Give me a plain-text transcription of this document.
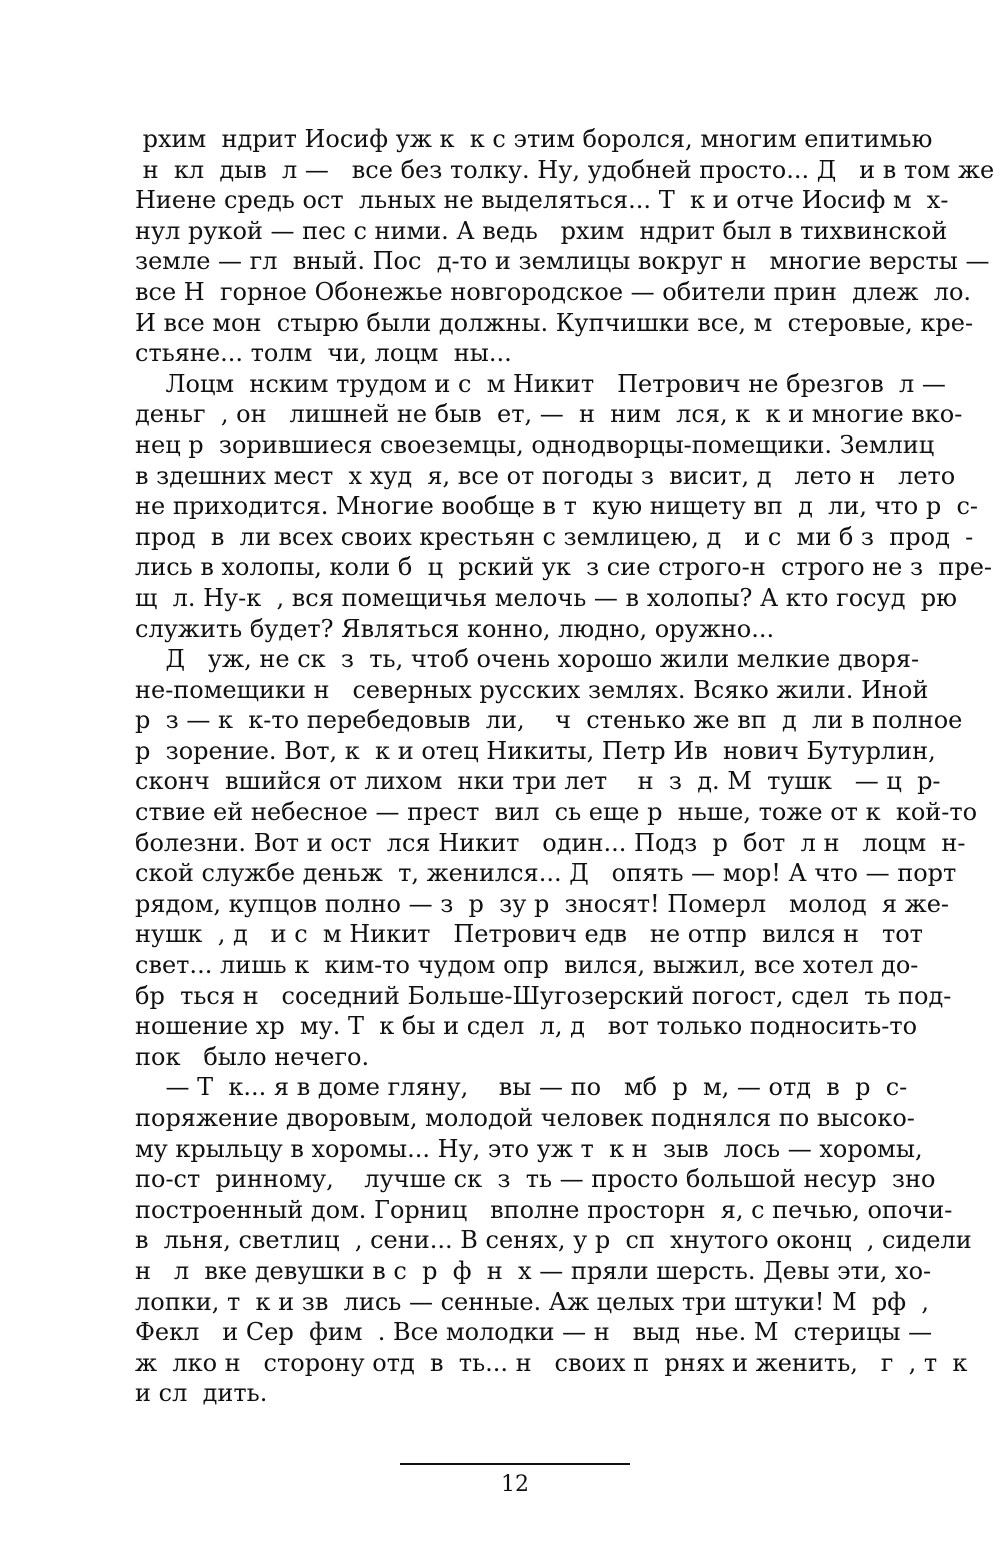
рхим  ндрит Иосиф уж к  к с этим боролся, многим епитимью
н  кл  дыв  л —   все без толку. Ну, удобней просто... Д   и в том же
Ниене средь ост  льных не выделяться... Т  к и отче Иосиф м  х-
нул рукой — пес с ними. А ведь   рхим  ндрит был в тихвинской
земле — гл  вный. Пос  д-то и землицы вокруг н   многие версты —
все Н  горное Обонежье новгородское — обители прин  длеж  ло.
И все мон  стырю были должны. Купчишки все, м  стеровые, кре-
стьяне... толм  чи, лоцм  ны...
Лоцм  нским трудом и с  м Никит   Петрович не брезгов  л —
деньг  , он   лишней не быв  ет, —  н  ним  лся, к  к и многие вко-
нец р  зорившиеся своеземцы, однодворцы-помещики. Землиц
в здешних мест  х худ  я, все от погоды з  висит, д   лето н   лето
не приходится. Многие вообще в т  кую нищету вп  д  ли, что р  с-
прод  в  ли всех своих крестьян с землицею, д   и с  ми б з  прод  -
лись в холопы, коли б  ц  рский ук  з сие строго-н  строго не з  пре-
щ  л. Ну-к  , вся помещичья мелочь — в холопы? А кто госуд  рю
служить будет? Являться конно, людно, оружно...
Д   уж, не ск  з  ть, чтоб очень хорошо жили мелкие дворя-
не-помещики н   северных русских землях. Всяко жили. Иной
р  з — к  к-то перебедовыв  ли,    ч  стенько же вп  д  ли в полное
р  зорение. Вот, к  к и отец Никиты, Петр Ив  нович Бутурлин,
сконч  вшийся от лихом  нки три лет    н  з  д. М  тушк   — ц  р-
ствие ей небесное — прест  вил  сь еще р  ньше, тоже от к  кой-то
болезни. Вот и ост  лся Никит   один... Подз  р  бот  л н   лоцм  н-
ской службе деньж  т, женился... Д   опять — мор! А что — порт
рядом, купцов полно — з  р  зу р  зносят! Померл   молод  я же-
нушк  , д   и с  м Никит   Петрович едв   не отпр  вился н   тот
свет... лишь к  ким-то чудом опр  вился, выжил, все хотел до-
бр  ться н   соседний Больше-Шугозерский погост, сдел  ть под-
ношение хр  му. Т  к бы и сдел  л, д   вот только подносить-то
пок   было нечего.
— Т  к... я в доме гляну,    вы — по   мб  р  м, — отд  в  р  с-
поряжение дворовым, молодой человек поднялся по высоко-
му крыльцу в хоромы... Ну, это уж т  к н  зыв  лось — хоромы,
по-ст  ринному,    лучше ск  з  ть — просто большой несур  зно
построенный дом. Горниц   вполне просторн  я, с печью, опочи-
в  льня, светлиц  , сени... В сенях, у р  сп  хнутого оконц  , сидели
н   л  вке девушки в с  р  ф  н  х — пряли шерсть. Девы эти, хо-
лопки, т  к и зв  лись — сенные. Аж целых три штуки! М  рф  ,
Фекл   и Сер  фим  . Все молодки — н   выд  нье. М  стерицы —
ж  лко н   сторону отд  в  ть... н   своих п  рнях и женить,   г  , т  к
и сл  дить.
12
